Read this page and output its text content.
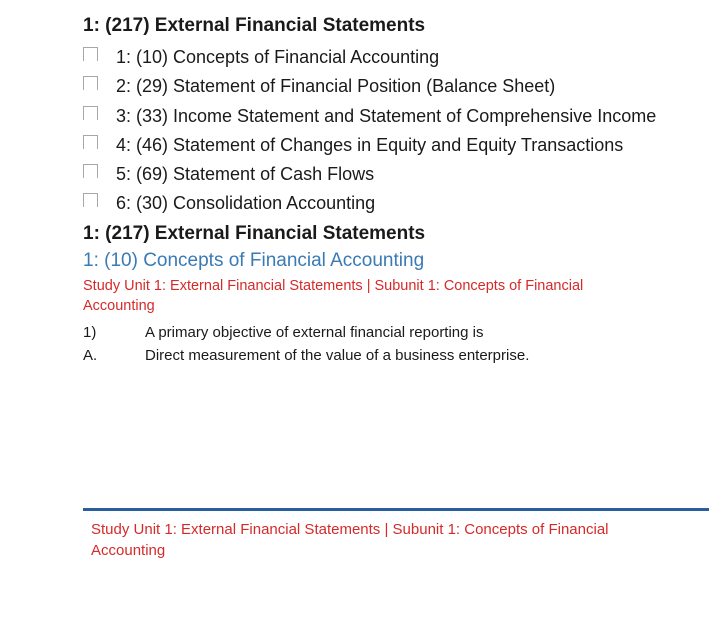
1: (217) External Financial Statements
1: (10) Concepts of Financial Accounting
2: (29) Statement of Financial Position (Balance Sheet)
3: (33) Income Statement and Statement of Comprehensive Income
4: (46) Statement of Changes in Equity and Equity Transactions
5: (69) Statement of Cash Flows
6: (30) Consolidation Accounting
1: (217) External Financial Statements
1: (10) Concepts of Financial Accounting
Study Unit 1: External Financial Statements | Subunit 1: Concepts of Financial Accounting
1)	A primary objective of external financial reporting is
A.	Direct measurement of the value of a business enterprise.
Study Unit 1: External Financial Statements | Subunit 1: Concepts of Financial Accounting
